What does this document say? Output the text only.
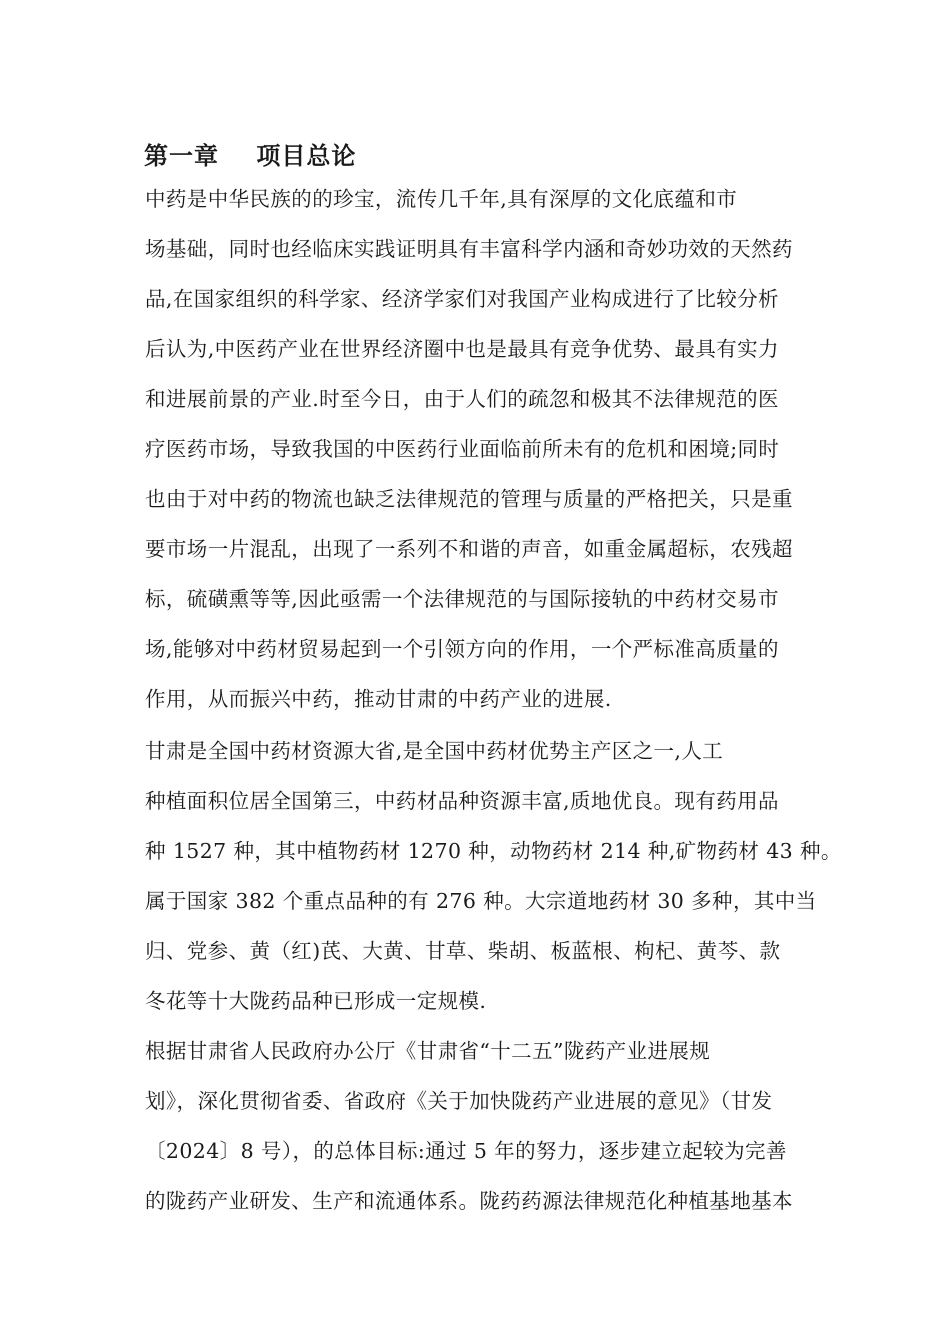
第一章    项目总论
中药是中华民族的的珍宝，流传几千年,具有深厚的文化底蕴和市
场基础，同时也经临床实践证明具有丰富科学内涵和奇妙功效的天然药
品,在国家组织的科学家、经济学家们对我国产业构成进行了比较分析
后认为,中医药产业在世界经济圈中也是最具有竞争优势、最具有实力
和进展前景的产业.时至今日，由于人们的疏忽和极其不法律规范的医
疗医药市场，导致我国的中医药行业面临前所未有的危机和困境;同时
也由于对中药的物流也缺乏法律规范的管理与质量的严格把关，只是重
要市场一片混乱，出现了一系列不和谐的声音，如重金属超标，农残超
标，硫磺熏等等,因此亟需一个法律规范的与国际接轨的中药材交易市
场,能够对中药材贸易起到一个引领方向的作用，一个严标准高质量的
作用，从而振兴中药，推动甘肃的中药产业的进展.
甘肃是全国中药材资源大省,是全国中药材优势主产区之一,人工
种植面积位居全国第三，中药材品种资源丰富,质地优良。现有药用品
种 1527 种，其中植物药材 1270 种，动物药材 214 种,矿物药材 43 种。
属于国家 382 个重点品种的有 276 种。大宗道地药材 30 多种，其中当
归、党参、黄（红)芪、大黄、甘草、柴胡、板蓝根、枸杞、黄芩、款
冬花等十大陇药品种已形成一定规模.
根据甘肃省人民政府办公厅《甘肃省“十二五”陇药产业进展规
划》，深化贯彻省委、省政府《关于加快陇药产业进展的意见》（甘发
〔2024〕8 号），的总体目标:通过 5 年的努力，逐步建立起较为完善
的陇药产业研发、生产和流通体系。陇药药源法律规范化种植基地基本
